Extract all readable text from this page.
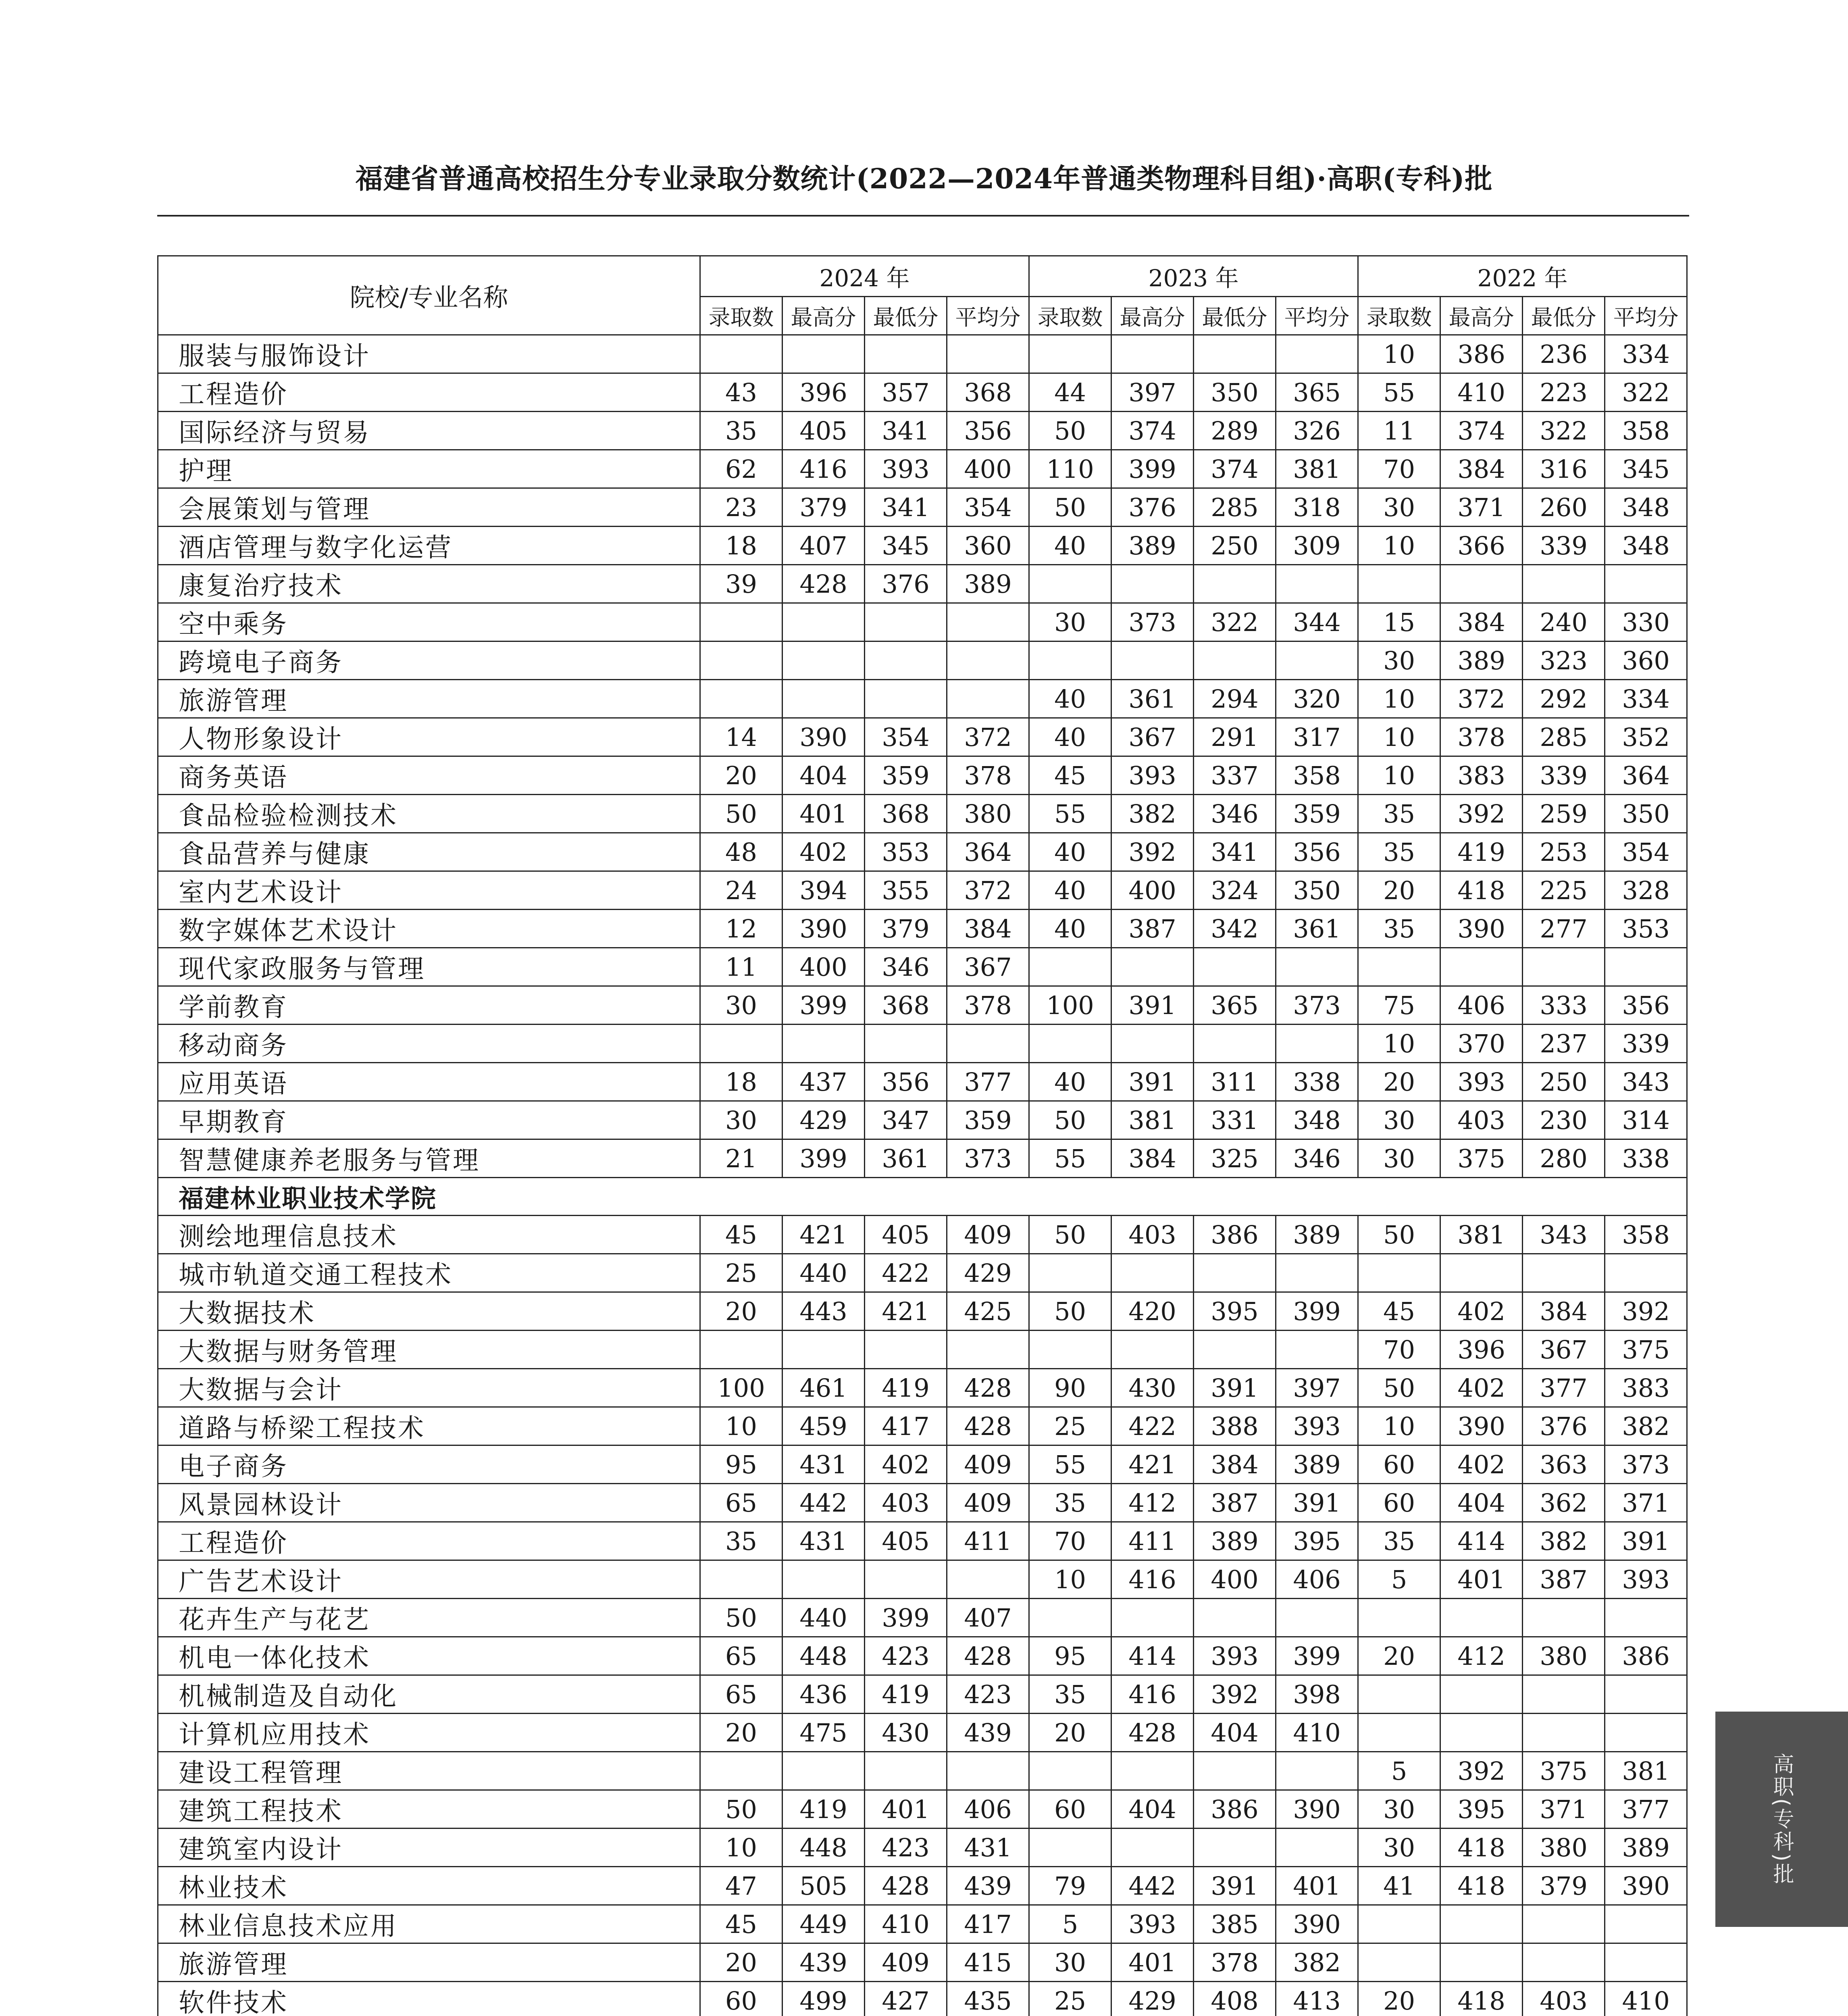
福建省普通高校招生分专业录取分数统计(2022—2024年普通类物理科目组)·高职(专科)批
院校/专业名称	2024 年				2023 年				2022 年			
	录取数	最高分	最低分	平均分	录取数	最高分	最低分	平均分	录取数	最高分	最低分	平均分
服装与服饰设计									10	386	236	334
工程造价	43	396	357	368	44	397	350	365	55	410	223	322
国际经济与贸易	35	405	341	356	50	374	289	326	11	374	322	358
护理	62	416	393	400	110	399	374	381	70	384	316	345
会展策划与管理	23	379	341	354	50	376	285	318	30	371	260	348
酒店管理与数字化运营	18	407	345	360	40	389	250	309	10	366	339	348
康复治疗技术	39	428	376	389								
空中乘务					30	373	322	344	15	384	240	330
跨境电子商务									30	389	323	360
旅游管理					40	361	294	320	10	372	292	334
人物形象设计	14	390	354	372	40	367	291	317	10	378	285	352
商务英语	20	404	359	378	45	393	337	358	10	383	339	364
食品检验检测技术	50	401	368	380	55	382	346	359	35	392	259	350
食品营养与健康	48	402	353	364	40	392	341	356	35	419	253	354
室内艺术设计	24	394	355	372	40	400	324	350	20	418	225	328
数字媒体艺术设计	12	390	379	384	40	387	342	361	35	390	277	353
现代家政服务与管理	11	400	346	367								
学前教育	30	399	368	378	100	391	365	373	75	406	333	356
移动商务									10	370	237	339
应用英语	18	437	356	377	40	391	311	338	20	393	250	343
早期教育	30	429	347	359	50	381	331	348	30	403	230	314
智慧健康养老服务与管理	21	399	361	373	55	384	325	346	30	375	280	338
福建林业职业技术学院												
测绘地理信息技术	45	421	405	409	50	403	386	389	50	381	343	358
城市轨道交通工程技术	25	440	422	429								
大数据技术	20	443	421	425	50	420	395	399	45	402	384	392
大数据与财务管理									70	396	367	375
大数据与会计	100	461	419	428	90	430	391	397	50	402	377	383
道路与桥梁工程技术	10	459	417	428	25	422	388	393	10	390	376	382
电子商务	95	431	402	409	55	421	384	389	60	402	363	373
风景园林设计	65	442	403	409	35	412	387	391	60	404	362	371
工程造价	35	431	405	411	70	411	389	395	35	414	382	391
广告艺术设计					10	416	400	406	5	401	387	393
花卉生产与花艺	50	440	399	407								
机电一体化技术	65	448	423	428	95	414	393	399	20	412	380	386
机械制造及自动化	65	436	419	423	35	416	392	398				
计算机应用技术	20	475	430	439	20	428	404	410				
建设工程管理									5	392	375	381
建筑工程技术	50	419	401	406	60	404	386	390	30	395	371	377
建筑室内设计	10	448	423	431					30	418	380	389
林业技术	47	505	428	439	79	442	391	401	41	418	379	390
林业信息技术应用	45	449	410	417	5	393	385	390				
旅游管理	20	439	409	415	30	401	378	382				
软件技术	60	499	427	435	25	429	408	413	20	418	403	410

高职(专科)批
